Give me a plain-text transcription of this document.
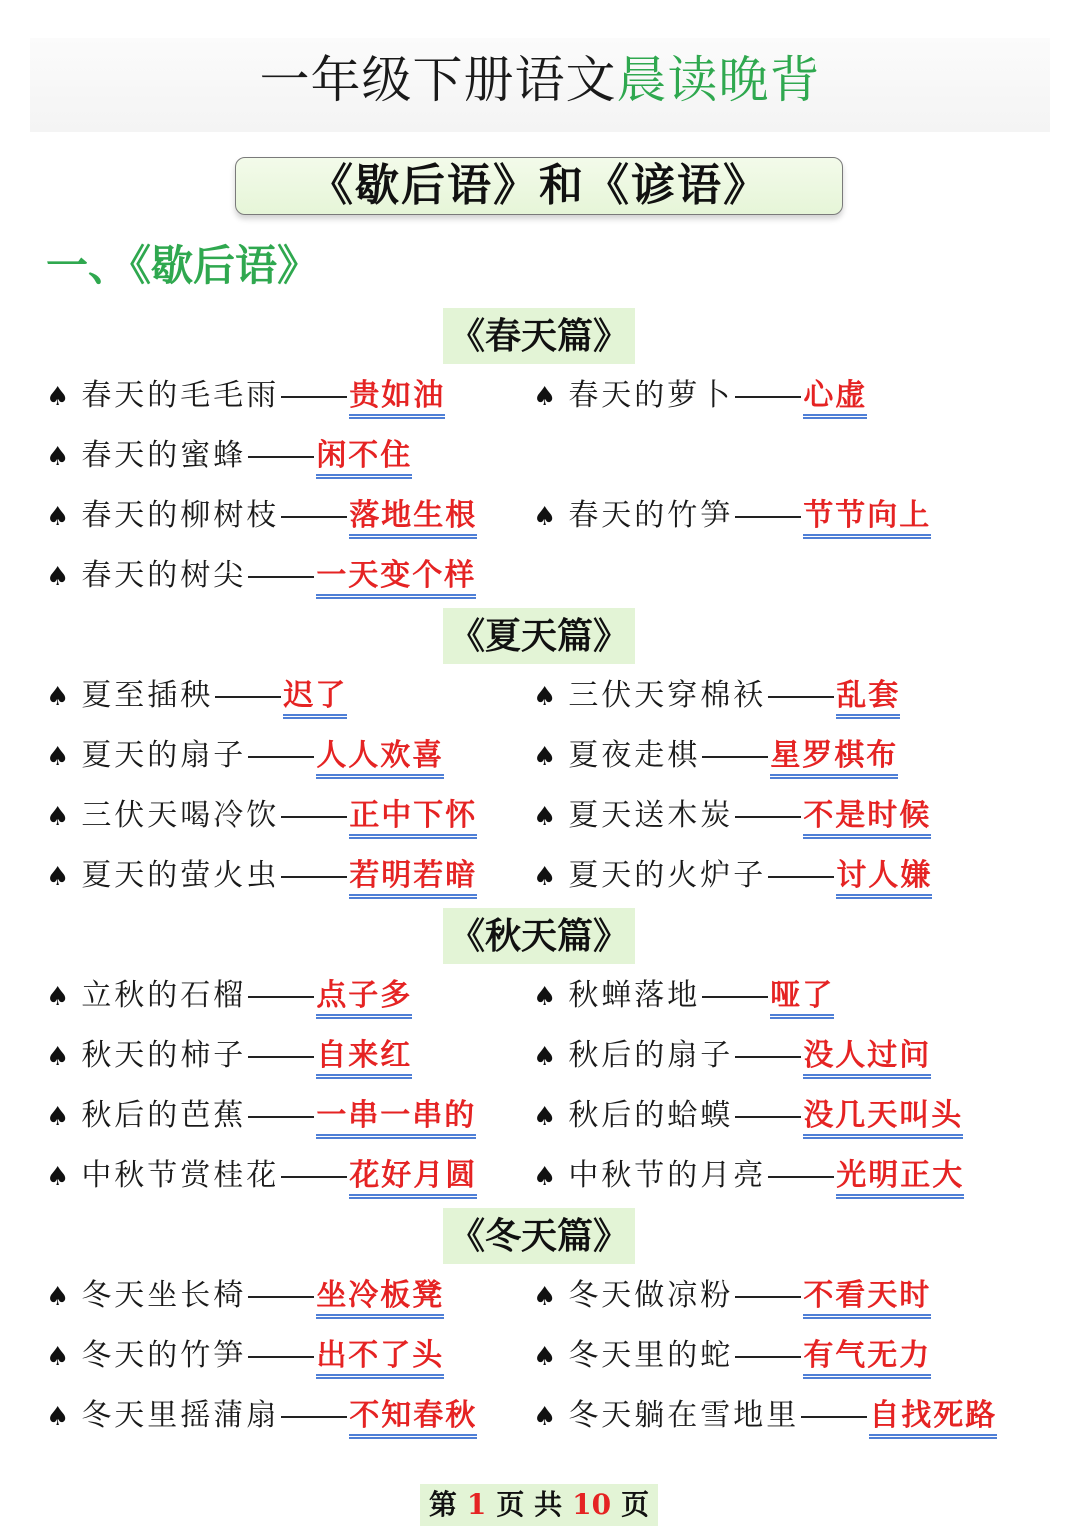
一年级下册语文晨读晚背
《歇后语》和《谚语》
一、《歇后语》
《春天篇》
♠ 春天的毛毛雨 贵如油	♠ 春天的萝卜 心虚
♠ 春天的蜜蜂 闲不住
♠ 春天的柳树枝 落地生根 ♠ 春天的竹笋 节节向上
♠ 春天的树尖 一天变个样
《夏天篇》
♠ 夏至插秧 迟了	♠ 三伏天穿棉袄 乱套
♠ 夏天的扇子 人人欢喜	♠ 夏夜走棋 星罗棋布
♠ 三伏天喝冷饮 正中下怀 ♠ 夏天送木炭 不是时候
♠ 夏天的萤火虫 若明若暗 ♠ 夏天的火炉子 讨人嫌
《秋天篇》
♠ 立秋的石榴 点子多	♠ 秋蝉落地 哑了
♠ 秋天的柿子 自来红	♠ 秋后的扇子 没人过问
♠ 秋后的芭蕉 一串一串的 ♠ 秋后的蛤蟆 没几天叫头
♠ 中秋节赏桂花 花好月圆 ♠ 中秋节的月亮 光明正大
《冬天篇》
♠ 冬天坐长椅 坐冷板凳	♠ 冬天做凉粉 不看天时
♠ 冬天的竹笋 出不了头	♠ 冬天里的蛇 有气无力
♠ 冬天里摇蒲扇 不知春秋 ♠ 冬天躺在雪地里 自找死路
第 1 页 共 10 页
